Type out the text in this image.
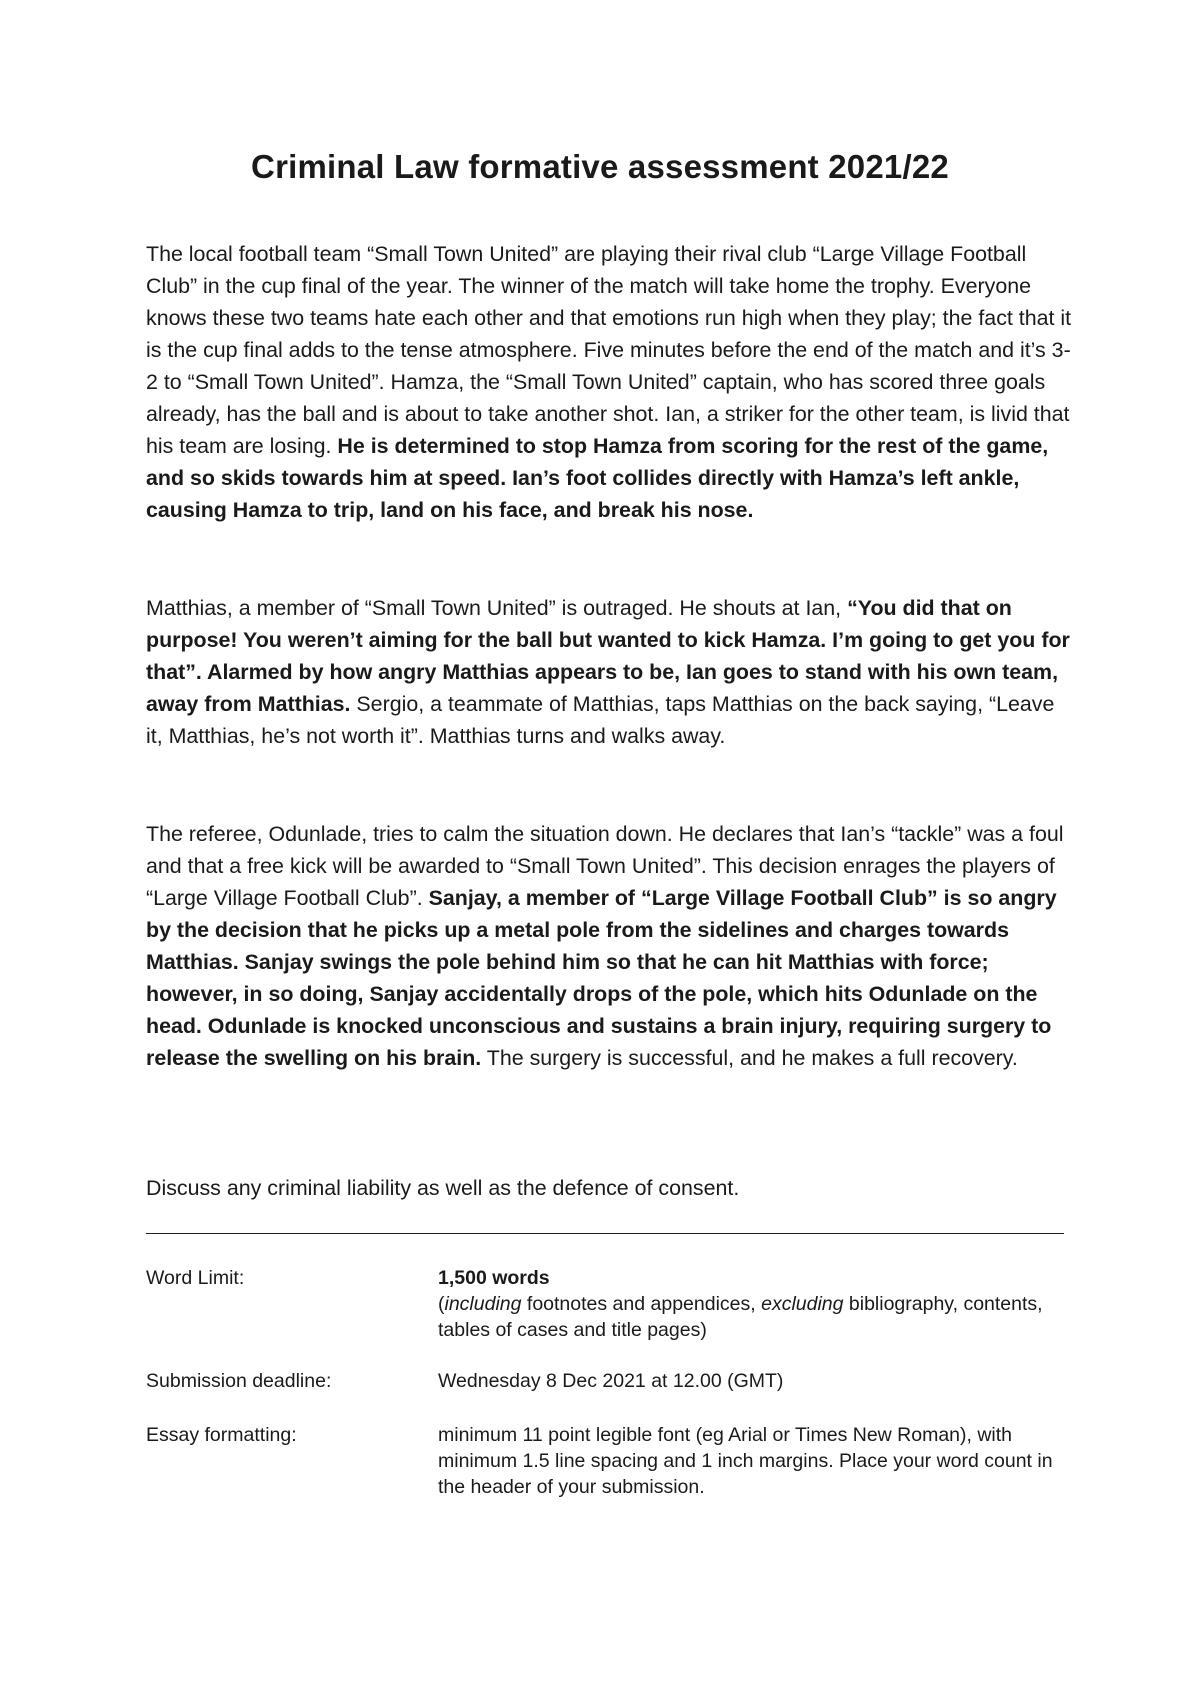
Criminal Law formative assessment 2021/22

The local football team “Small Town United” are playing their rival club “Large Village Football Club” in the cup final of the year. The winner of the match will take home the trophy. Everyone knows these two teams hate each other and that emotions run high when they play; the fact that it is the cup final adds to the tense atmosphere. Five minutes before the end of the match and it’s 3-2 to “Small Town United”. Hamza, the “Small Town United” captain, who has scored three goals already, has the ball and is about to take another shot. Ian, a striker for the other team, is livid that his team are losing. He is determined to stop Hamza from scoring for the rest of the game, and so skids towards him at speed. Ian’s foot collides directly with Hamza’s left ankle, causing Hamza to trip, land on his face, and break his nose.

Matthias, a member of “Small Town United” is outraged. He shouts at Ian, “You did that on purpose! You weren’t aiming for the ball but wanted to kick Hamza. I’m going to get you for that”. Alarmed by how angry Matthias appears to be, Ian goes to stand with his own team, away from Matthias. Sergio, a teammate of Matthias, taps Matthias on the back saying, “Leave it, Matthias, he’s not worth it”. Matthias turns and walks away.

The referee, Odunlade, tries to calm the situation down. He declares that Ian’s “tackle” was a foul and that a free kick will be awarded to “Small Town United”. This decision enrages the players of “Large Village Football Club”. Sanjay, a member of “Large Village Football Club” is so angry by the decision that he picks up a metal pole from the sidelines and charges towards Matthias. Sanjay swings the pole behind him so that he can hit Matthias with force; however, in so doing, Sanjay accidentally drops of the pole, which hits Odunlade on the head. Odunlade is knocked unconscious and sustains a brain injury, requiring surgery to release the swelling on his brain. The surgery is successful, and he makes a full recovery.

Discuss any criminal liability as well as the defence of consent.

Word Limit:	1,500 words
(including footnotes and appendices, excluding bibliography, contents, tables of cases and title pages)
Submission deadline:	Wednesday 8 Dec 2021 at 12.00 (GMT)
Essay formatting:	minimum 11 point legible font (eg Arial or Times New Roman), with minimum 1.5 line spacing and 1 inch margins. Place your word count in the header of your submission.
